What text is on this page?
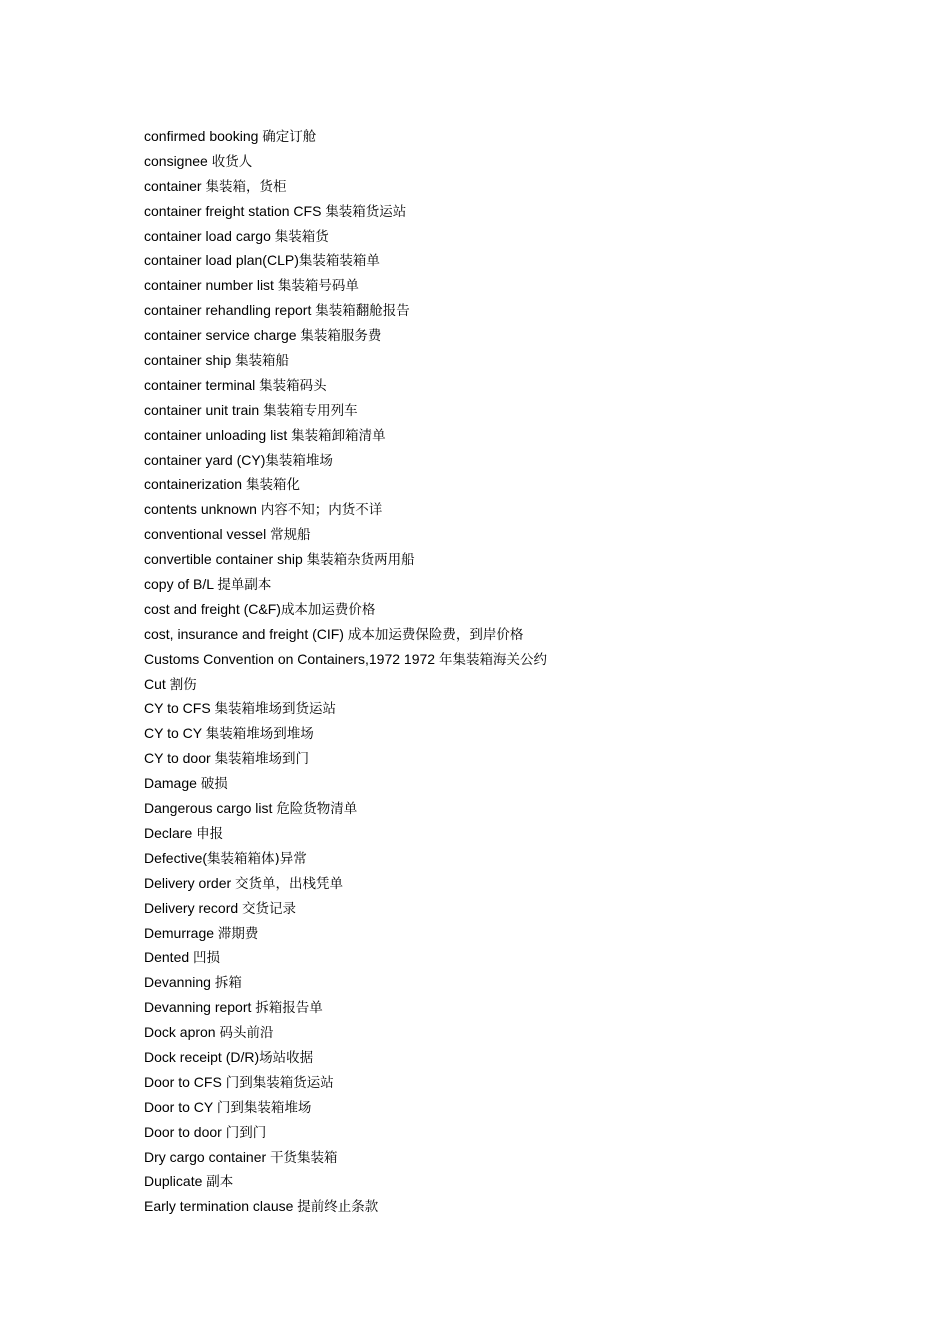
confirmed booking 确定订舱
consignee 收货人
container 集装箱，货柜
container freight station CFS 集装箱货运站
container load cargo 集装箱货
container load plan(CLP)集装箱装箱单
container number list 集装箱号码单
container rehandling report 集装箱翻舱报告
container service charge 集装箱服务费
container ship 集装箱船
container terminal 集装箱码头
container unit train 集装箱专用列车
container unloading list 集装箱卸箱清单
container yard (CY)集装箱堆场
containerization 集装箱化
contents unknown 内容不知；内货不详
conventional vessel 常规船
convertible container ship 集装箱杂货两用船
copy of B/L 提单副本
cost and freight (C&F)成本加运费价格
cost, insurance and freight (CIF) 成本加运费保险费，到岸价格
Customs Convention on Containers,1972 1972 年集装箱海关公约
Cut 割伤
CY to CFS 集装箱堆场到货运站
CY to CY 集装箱堆场到堆场
CY to door 集装箱堆场到门
Damage 破损
Dangerous cargo list 危险货物清单
Declare 申报
Defective(集装箱箱体)异常
Delivery order 交货单，出栈凭单
Delivery record 交货记录
Demurrage 滞期费
Dented 凹损
Devanning 拆箱
Devanning report 拆箱报告单
Dock apron 码头前沿
Dock receipt (D/R)场站收据
Door to CFS 门到集装箱货运站
Door to CY 门到集装箱堆场
Door to door 门到门
Dry cargo container 干货集装箱
Duplicate 副本
Early termination clause 提前终止条款
